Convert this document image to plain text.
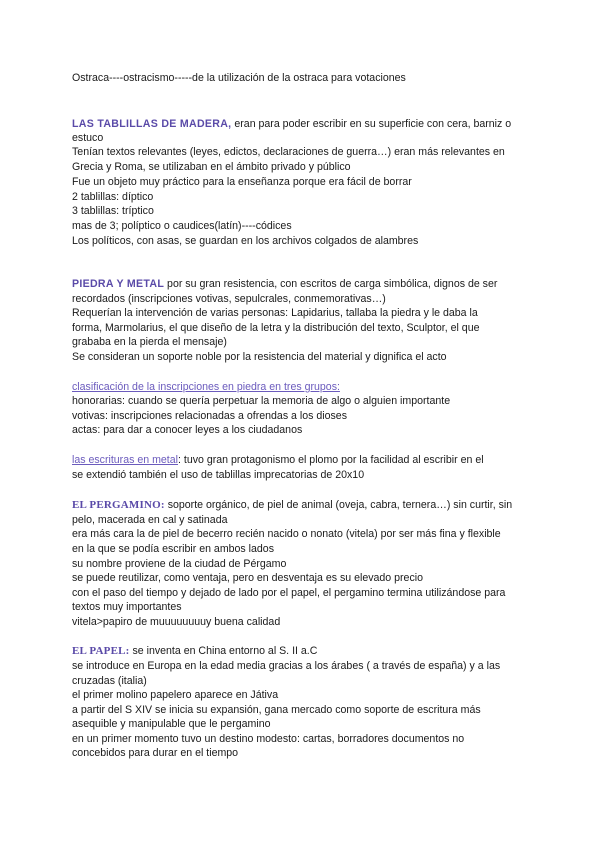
Ostraca----ostracismo-----de la utilización de la ostraca para votaciones
LAS TABLILLAS DE MADERA, eran para poder escribir en su superficie con cera, barniz o
estuco
Tenían textos relevantes (leyes, edictos, declaraciones de guerra…) eran más relevantes en
Grecia y Roma, se utilizaban en el ámbito privado y público
Fue un objeto muy práctico para la enseñanza porque era fácil de borrar
2 tablillas: díptico
3 tablillas: tríptico
mas de 3; políptico o caudices(latín)----códices
Los políticos, con asas, se guardan en los archivos colgados de alambres
PIEDRA Y METAL por su gran resistencia, con escritos de carga simbólica, dignos de ser
recordados (inscripciones votivas, sepulcrales, conmemorativas…)
Requerían la intervención de varias personas: Lapidarius, tallaba la piedra y le daba la
forma, Marmolarius, el que diseño de la letra y la distribución del texto, Sculptor, el que
grababa en la pierda el mensaje)
Se consideran un soporte noble por la resistencia del material y dignifica el acto
clasificación de la inscripciones en piedra en tres grupos:
honorarias: cuando se quería perpetuar la memoria de algo o alguien importante
votivas: inscripciones relacionadas a ofrendas a los dioses
actas: para dar a conocer leyes a los ciudadanos
las escrituras en metal: tuvo gran protagonismo el plomo por la facilidad al escribir en el
se extendió también el uso de tablillas imprecatorias de 20x10
EL PERGAMINO: soporte orgánico, de piel de animal (oveja, cabra, ternera…) sin curtir, sin
pelo, macerada en cal y satinada
era más cara la de piel de becerro recién nacido o nonato (vitela) por ser más fina y flexible
en la que se podía escribir en ambos lados
su nombre proviene de la ciudad de Pérgamo
se puede reutilizar, como ventaja, pero en desventaja es su elevado precio
con el paso del tiempo y dejado de lado por el papel, el pergamino termina utilizándose para
textos muy importantes
vitela>papiro de muuuuuuuuy buena calidad
EL PAPEL: se inventa en China entorno al S. II a.C
se introduce en Europa en la edad media gracias a los árabes ( a través de españa) y a las
cruzadas (italia)
el primer molino papelero aparece en Játiva
a partir del S XIV se inicia su expansión, gana mercado como soporte de escritura más
asequible y manipulable que le pergamino
en un primer momento tuvo un destino modesto: cartas, borradores documentos no
concebidos para durar en el tiempo
